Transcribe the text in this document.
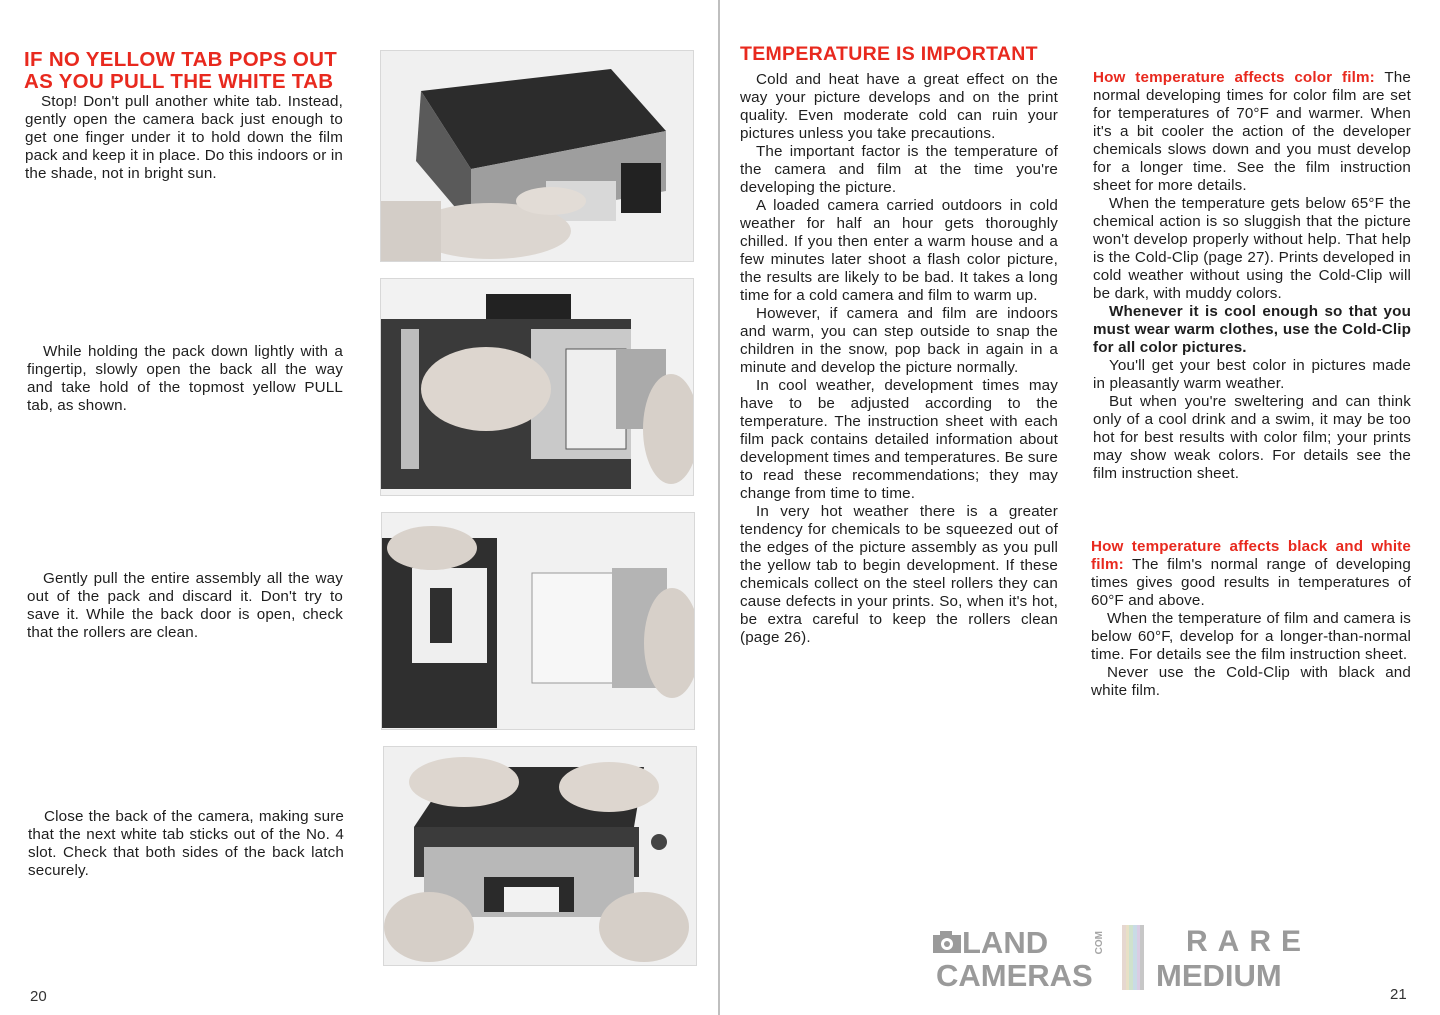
IF NO YELLOW TAB POPS OUT
AS YOU PULL THE WHITE TAB

Stop! Don't pull another white tab. Instead, gently open the camera back just enough to get one finger under it to hold down the film pack and keep it in place. Do this indoors or in the shade, not in bright sun.

While holding the pack down lightly with a fingertip, slowly open the back all the way and take hold of the topmost yellow PULL tab, as shown.

Gently pull the entire assembly all the way out of the pack and discard it. Don't try to save it. While the back door is open, check that the rollers are clean.

Close the back of the camera, making sure that the next white tab sticks out of the No. 4 slot. Check that both sides of the back latch securely.

20
TEMPERATURE IS IMPORTANT

Cold and heat have a great effect on the way your picture develops and on the print quality. Even moderate cold can ruin your pictures unless you take precautions.

The important factor is the temperature of the camera and film at the time you're developing the picture.

A loaded camera carried outdoors in cold weather for half an hour gets thoroughly chilled. If you then enter a warm house and a few minutes later shoot a flash color picture, the results are likely to be bad. It takes a long time for a cold camera and film to warm up.

However, if camera and film are indoors and warm, you can step outside to snap the children in the snow, pop back in again in a minute and develop the picture normally.

In cool weather, development times may have to be adjusted according to the temperature. The instruction sheet with each film pack contains detailed information about development times and temperatures. Be sure to read these recommendations; they may change from time to time.

In very hot weather there is a greater tendency for chemicals to be squeezed out of the edges of the picture assembly as you pull the yellow tab to begin development. If these chemicals collect on the steel rollers they can cause defects in your prints. So, when it's hot, be extra careful to keep the rollers clean (page 26).

How temperature affects color film: The normal developing times for color film are set for temperatures of 70°F and warmer. When it's a bit cooler the action of the developer chemicals slows down and you must develop for a longer time. See the film instruction sheet for more details.

When the temperature gets below 65°F the chemical action is so sluggish that the picture won't develop properly without help. That help is the Cold-Clip (page 27). Prints developed in cold weather without using the Cold-Clip will be dark, with muddy colors.

Whenever it is cool enough so that you must wear warm clothes, use the Cold-Clip for all color pictures.

You'll get your best color in pictures made in pleasantly warm weather.

But when you're sweltering and can think only of a cool drink and a swim, it may be too hot for best results with color film; your prints may show weak colors. For details see the film instruction sheet.

How temperature affects black and white film: The film's normal range of developing times gives good results in temperatures of 60°F and above.

When the temperature of film and camera is below 60°F, develop for a longer-than-normal time. For details see the film instruction sheet.

Never use the Cold-Clip with black and white film.

21
LAND
CAMERAS
COM	RARE
MEDIUM
